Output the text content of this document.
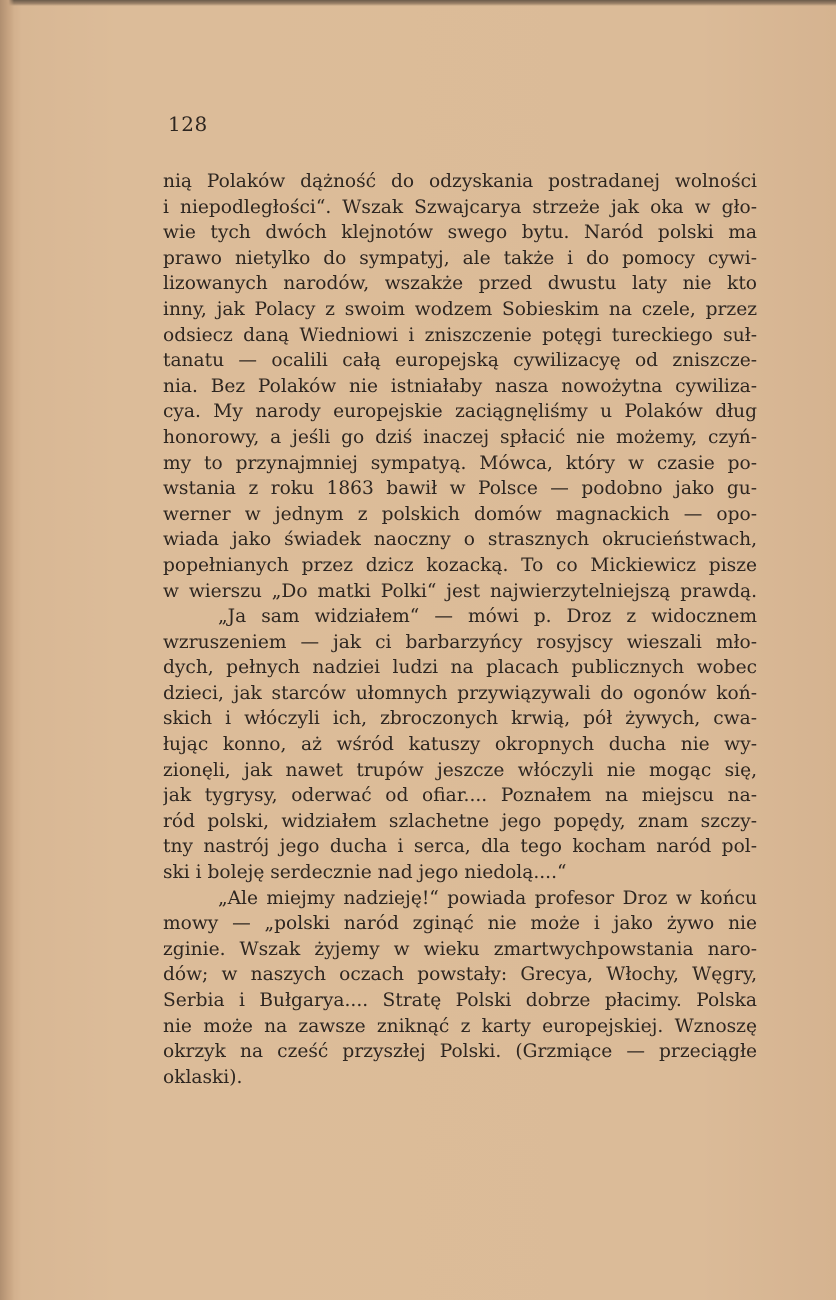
128
nią Polaków dążność do odzyskania postradanej wolności
i niepodległości“. Wszak Szwajcarya strzeże jak oka w gło-
wie tych dwóch klejnotów swego bytu. Naród polski ma
prawo nietylko do sympatyj, ale także i do pomocy cywi-
lizowanych narodów, wszakże przed dwustu laty nie kto
inny, jak Polacy z swoim wodzem Sobieskim na czele, przez
odsiecz daną Wiedniowi i zniszczenie potęgi tureckiego suł-
tanatu — ocalili całą europejską cywilizacyę od zniszcze-
nia. Bez Polaków nie istniałaby nasza nowożytna cywiliza-
cya. My narody europejskie zaciągnęliśmy u Polaków dług
honorowy, a jeśli go dziś inaczej spłacić nie możemy, czyń-
my to przynajmniej sympatyą. Mówca, który w czasie po-
wstania z roku 1863 bawił w Polsce — podobno jako gu-
werner w jednym z polskich domów magnackich — opo-
wiada jako świadek naoczny o strasznych okrucieństwach,
popełnianych przez dzicz kozacką. To co Mickiewicz pisze
w wierszu „Do matki Polki“ jest najwierzytelniejszą prawdą.
„Ja sam widziałem“ — mówi p. Droz z widocznem
wzruszeniem — jak ci barbarzyńcy rosyjscy wieszali mło-
dych, pełnych nadziei ludzi na placach publicznych wobec
dzieci, jak starców ułomnych przywiązywali do ogonów koń-
skich i włóczyli ich, zbroczonych krwią, pół żywych, cwa-
łując konno, aż wśród katuszy okropnych ducha nie wy-
zionęli, jak nawet trupów jeszcze włóczyli nie mogąc się,
jak tygrysy, oderwać od ofiar.... Poznałem na miejscu na-
ród polski, widziałem szlachetne jego popędy, znam szczy-
tny nastrój jego ducha i serca, dla tego kocham naród pol-
ski i boleję serdecznie nad jego niedolą....“
„Ale miejmy nadzieję!“ powiada profesor Droz w końcu
mowy — „polski naród zginąć nie może i jako żywo nie
zginie. Wszak żyjemy w wieku zmartwychpowstania naro-
dów; w naszych oczach powstały: Grecya, Włochy, Węgry,
Serbia i Bułgarya.... Stratę Polski dobrze płacimy. Polska
nie może na zawsze zniknąć z karty europejskiej. Wznoszę
okrzyk na cześć przyszłej Polski. (Grzmiące — przeciągłe
oklaski).
